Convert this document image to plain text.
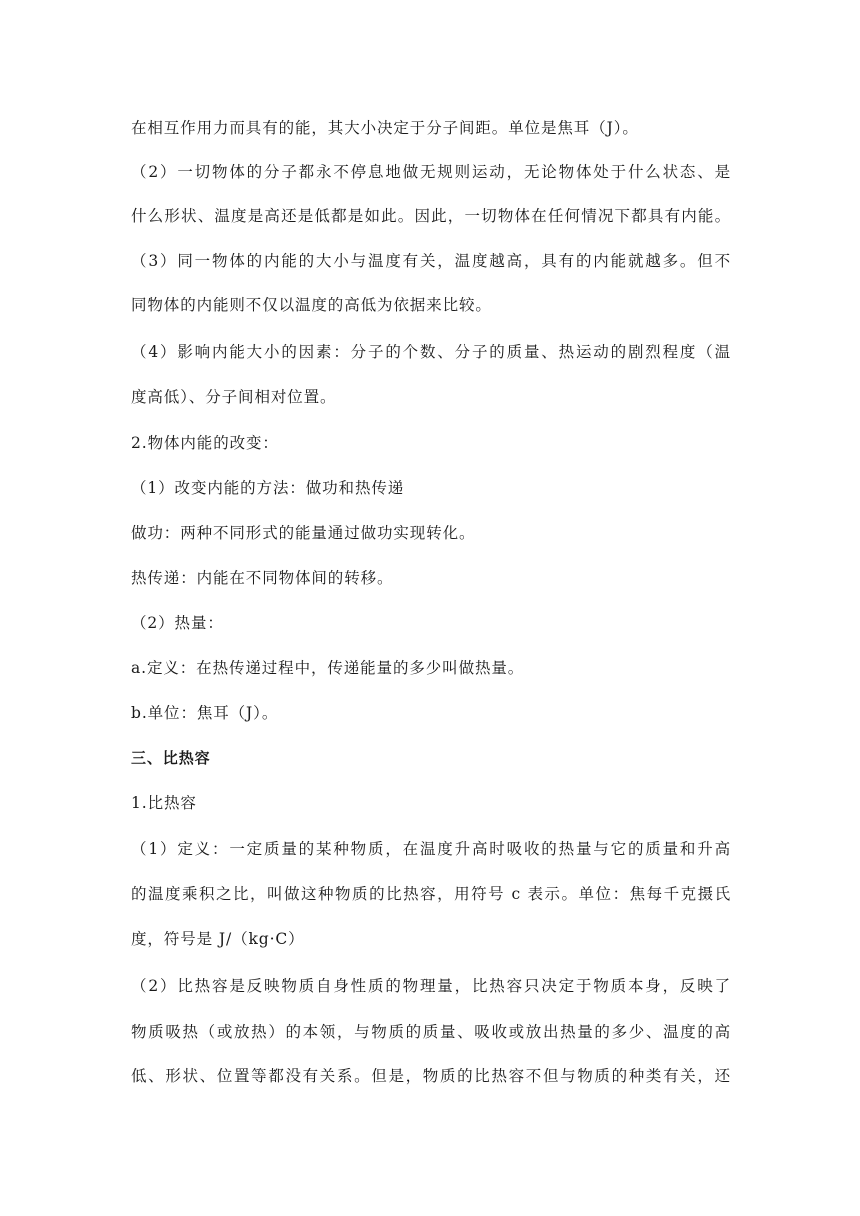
在相互作用力而具有的能，其大小决定于分子间距。单位是焦耳（J）。
（2）一切物体的分子都永不停息地做无规则运动，无论物体处于什么状态、是
什么形状、温度是高还是低都是如此。因此，一切物体在任何情况下都具有内能。
（3）同一物体的内能的大小与温度有关，温度越高，具有的内能就越多。但不
同物体的内能则不仅以温度的高低为依据来比较。
（4）影响内能大小的因素：分子的个数、分子的质量、热运动的剧烈程度（温
度高低）、分子间相对位置。
2.物体内能的改变：
（1）改变内能的方法：做功和热传递
做功：两种不同形式的能量通过做功实现转化。
热传递：内能在不同物体间的转移。
（2）热量：
a.定义：在热传递过程中，传递能量的多少叫做热量。
b.单位：焦耳（J）。
三、比热容
1.比热容
（1）定义：一定质量的某种物质，在温度升高时吸收的热量与它的质量和升高
的温度乘积之比，叫做这种物质的比热容，用符号 c 表示。单位：焦每千克摄氏
度，符号是 J/（kg·C）
（2）比热容是反映物质自身性质的物理量，比热容只决定于物质本身，反映了
物质吸热（或放热）的本领，与物质的质量、吸收或放出热量的多少、温度的高
低、形状、位置等都没有关系。但是，物质的比热容不但与物质的种类有关，还
